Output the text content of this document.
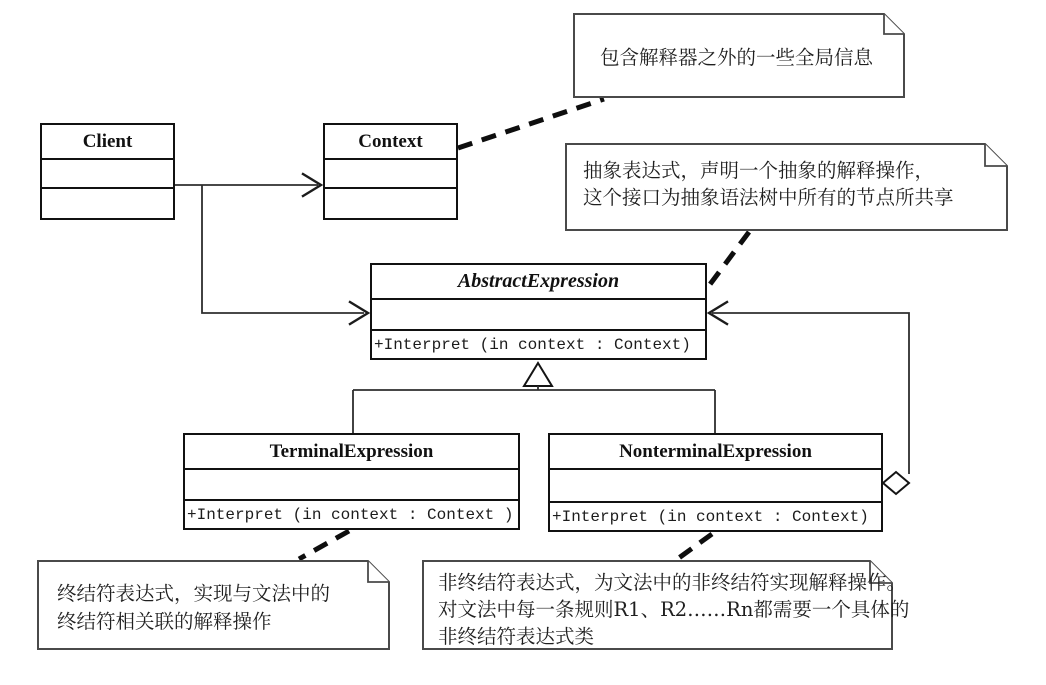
Client	Context
AbstractExpression
+Interpret (in context : Context)
TerminalExpression
+Interpret (in context : Context )
NonterminalExpression
+Interpret (in context : Context)
包含解释器之外的一些全局信息
抽象表达式，声明一个抽象的解释操作，
这个接口为抽象语法树中所有的节点所共享
终结符表达式，实现与文法中的
终结符相关联的解释操作
非终结符表达式，为文法中的非终结符实现解释操作。
对文法中每一条规则R1、R2……Rn都需要一个具体的
非终结符表达式类
